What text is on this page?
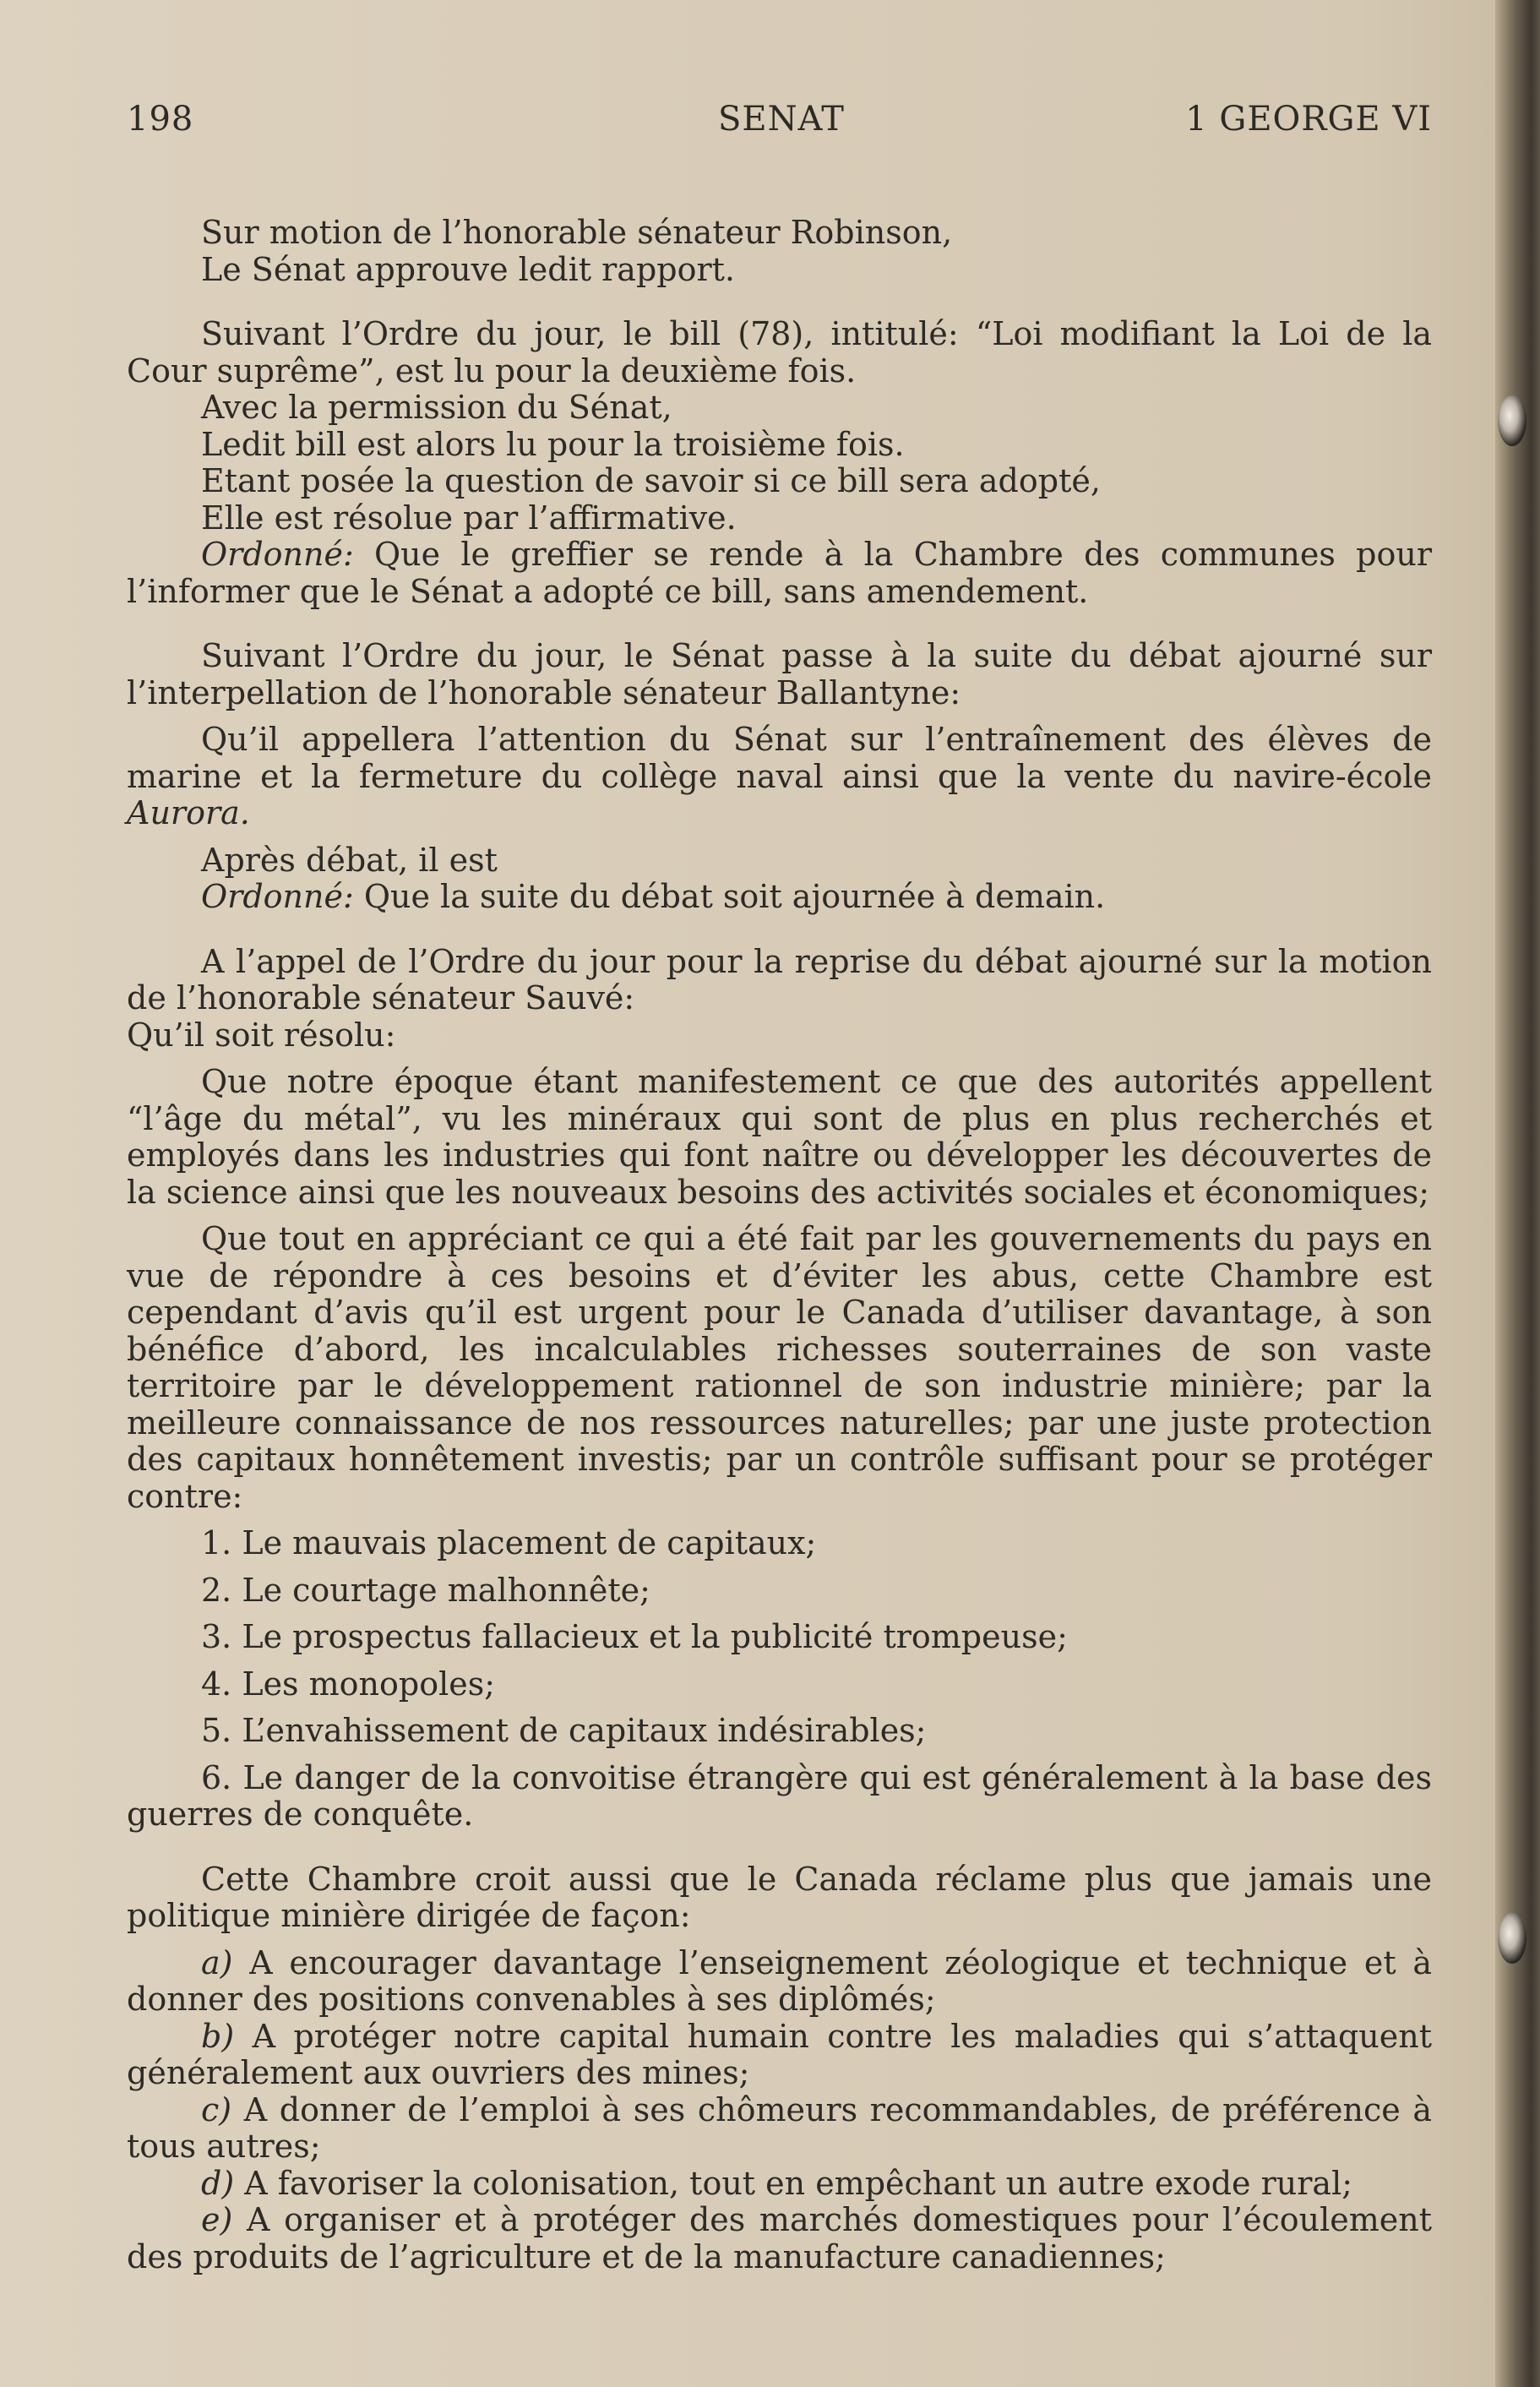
198	SENAT	1 GEORGE VI

Sur motion de l’honorable sénateur Robinson,

Le Sénat approuve ledit rapport.

Suivant l’Ordre du jour, le bill (78), intitulé: “Loi modifiant la Loi de la Cour suprême”, est lu pour la deuxième fois.

Avec la permission du Sénat,

Ledit bill est alors lu pour la troisième fois.

Etant posée la question de savoir si ce bill sera adopté,

Elle est résolue par l’affirmative.

Ordonné: Que le greffier se rende à la Chambre des communes pour l’informer que le Sénat a adopté ce bill, sans amendement.

Suivant l’Ordre du jour, le Sénat passe à la suite du débat ajourné sur l’interpellation de l’honorable sénateur Ballantyne:

Qu’il appellera l’attention du Sénat sur l’entraînement des élèves de marine et la fermeture du collège naval ainsi que la vente du navire-école Aurora.

Après débat, il est

Ordonné: Que la suite du débat soit ajournée à demain.

A l’appel de l’Ordre du jour pour la reprise du débat ajourné sur la motion de l’honorable sénateur Sauvé:

Qu’il soit résolu:

Que notre époque étant manifestement ce que des autorités appellent “l’âge du métal”, vu les minéraux qui sont de plus en plus recherchés et employés dans les industries qui font naître ou développer les découvertes de la science ainsi que les nouveaux besoins des activités sociales et économiques;

Que tout en appréciant ce qui a été fait par les gouvernements du pays en vue de répondre à ces besoins et d’éviter les abus, cette Chambre est cependant d’avis qu’il est urgent pour le Canada d’utiliser davantage, à son bénéfice d’abord, les incalculables richesses souterraines de son vaste territoire par le développement rationnel de son industrie minière; par la meilleure connaissance de nos ressources naturelles; par une juste protection des capitaux honnêtement investis; par un contrôle suffisant pour se protéger contre:

1. Le mauvais placement de capitaux;

2. Le courtage malhonnête;

3. Le prospectus fallacieux et la publicité trompeuse;

4. Les monopoles;

5. L’envahissement de capitaux indésirables;

6. Le danger de la convoitise étrangère qui est généralement à la base des guerres de conquête.

Cette Chambre croit aussi que le Canada réclame plus que jamais une politique minière dirigée de façon:

a) A encourager davantage l’enseignement zéologique et technique et à donner des positions convenables à ses diplômés;

b) A protéger notre capital humain contre les maladies qui s’attaquent généralement aux ouvriers des mines;

c) A donner de l’emploi à ses chômeurs recommandables, de préférence à tous autres;

d) A favoriser la colonisation, tout en empêchant un autre exode rural;

e) A organiser et à protéger des marchés domestiques pour l’écoulement des produits de l’agriculture et de la manufacture canadiennes;
